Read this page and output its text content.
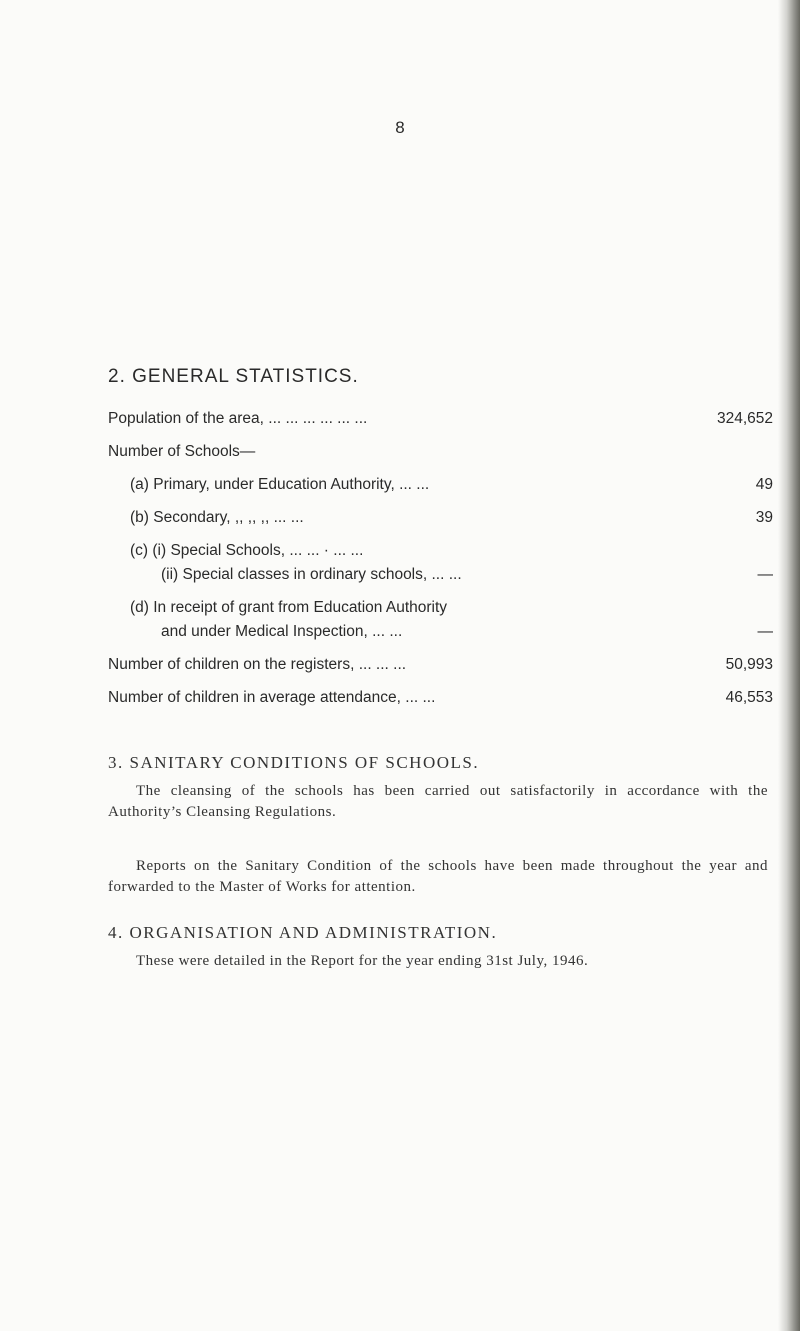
8
2. GENERAL STATISTICS.
Population of the area, ... ... ... ... ... ...	324,652
Number of Schools—
(a) Primary, under Education Authority, ... ...	49
(b) Secondary, ,, ,, ,, ... ...	39
(c) (i) Special Schools, ... ... · ... ...
(ii) Special classes in ordinary schools, ... ...	—
(d) In receipt of grant from Education Authority
and under Medical Inspection, ... ...	—
Number of children on the registers, ... ... ...	50,993
Number of children in average attendance, ... ...	46,553
3. SANITARY CONDITIONS OF SCHOOLS.
The cleansing of the schools has been carried out satisfactorily in accordance with the Authority’s Cleansing Regulations.
Reports on the Sanitary Condition of the schools have been made throughout the year and forwarded to the Master of Works for attention.
4. ORGANISATION AND ADMINISTRATION.
These were detailed in the Report for the year ending 31st July, 1946.
